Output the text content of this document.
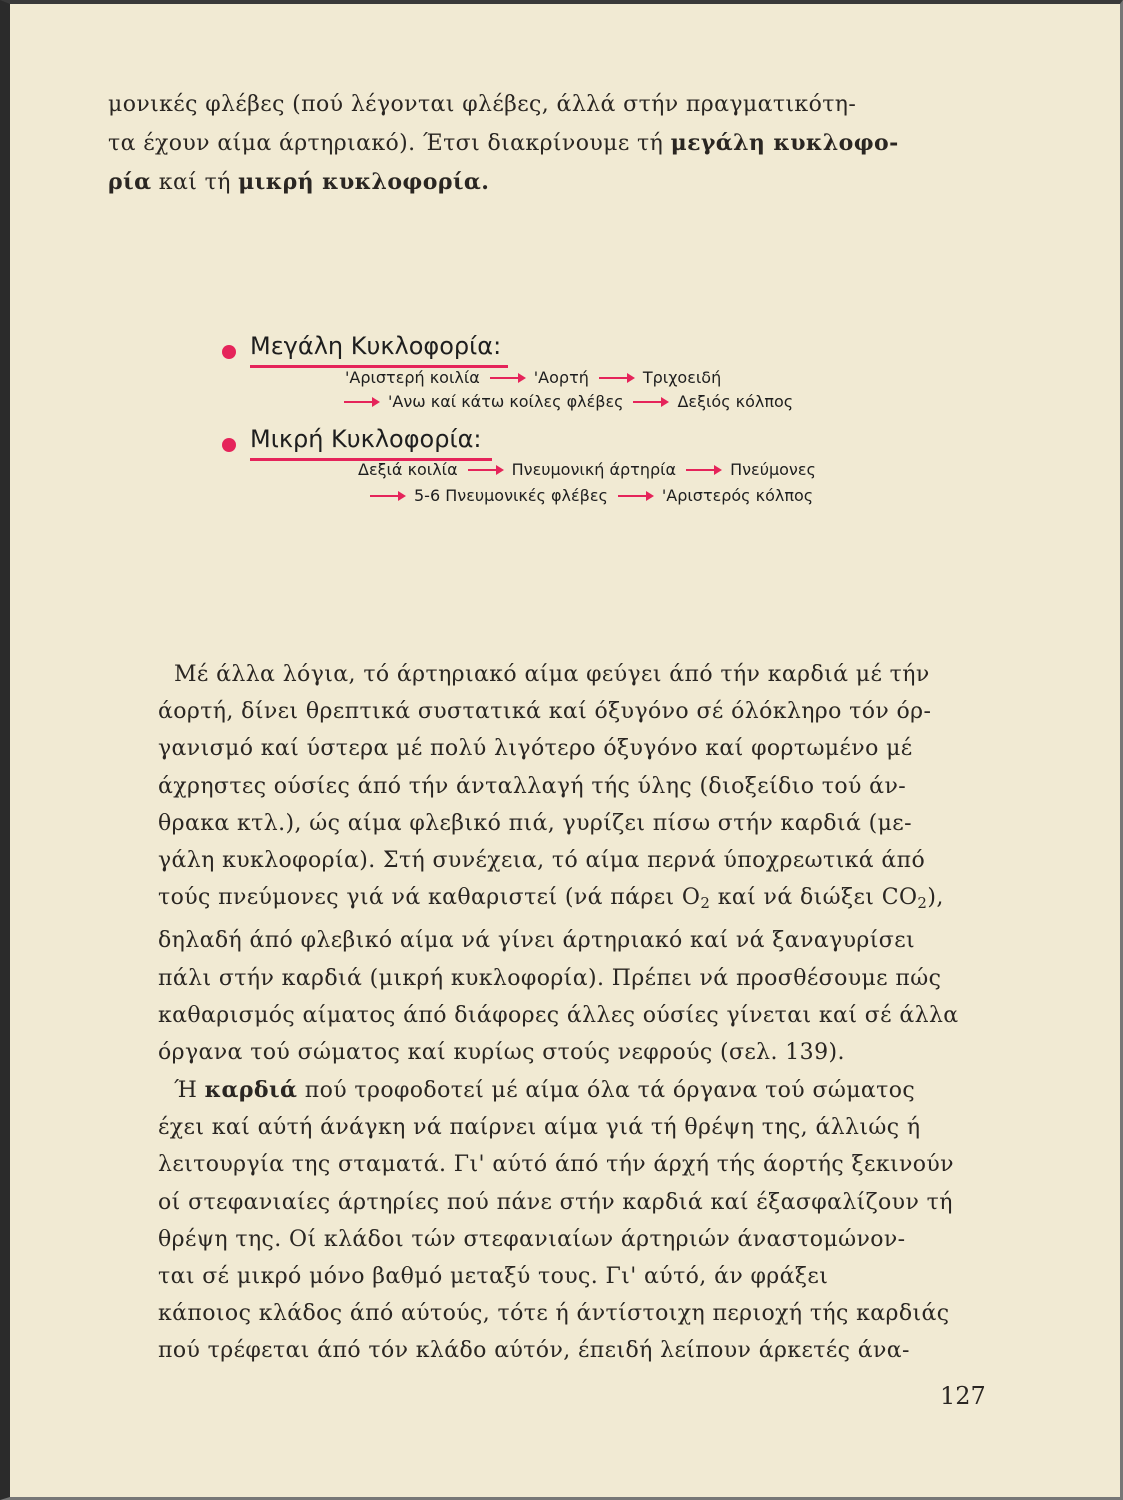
μονικές φλέβες (πού λέγονται φλέβες, άλλά στήν πραγματικότη-
τα έχουν αίμα άρτηριακό). Έτσι διακρίνουμε τή μεγάλη κυκλοφο-
ρία καί τή μικρή κυκλοφορία.

Μεγάλη Κυκλοφορία:
'Αριστερή κοιλία	'Αορτή	Τριχοειδή
'Ανω καί κάτω κοίλες φλέβες	Δεξιός κόλπος
Μικρή Κυκλοφορία:
Δεξιά κοιλία	Πνευμονική άρτηρία	Πνεύμονες
5-6 Πνευμονικές φλέβες	'Αριστερός κόλπος

Μέ άλλα λόγια, τό άρτηριακό αίμα φεύγει άπό τήν καρδιά μέ τήν
άορτή, δίνει θρεπτικά συστατικά καί όξυγόνο σέ όλόκληρο τόν όρ-
γανισμό καί ύστερα μέ πολύ λιγότερο όξυγόνο καί φορτωμένο μέ
άχρηστες ούσίες άπό τήν άνταλλαγή τής ύλης (διοξείδιο τού άν-
θρακα κτλ.), ώς αίμα φλεβικό πιά, γυρίζει πίσω στήν καρδιά (με-
γάλη κυκλοφορία). Στή συνέχεια, τό αίμα περνά ύποχρεωτικά άπό
τούς πνεύμονες γιά νά καθαριστεί (νά πάρει $O_2$ καί νά διώξει $CO_2$),
δηλαδή άπό φλεβικό αίμα νά γίνει άρτηριακό καί νά ξαναγυρίσει
πάλι στήν καρδιά (μικρή κυκλοφορία). Πρέπει νά προσθέσουμε πώς
καθαρισμός αίματος άπό διάφορες άλλες ούσίες γίνεται καί σέ άλλα
όργανα τού σώματος καί κυρίως στούς νεφρούς (σελ. 139).

Ή καρδιά πού τροφοδοτεί μέ αίμα όλα τά όργανα τού σώματος
έχει καί αύτή άνάγκη νά παίρνει αίμα γιά τή θρέψη της, άλλιώς ή
λειτουργία της σταματά. Γι' αύτό άπό τήν άρχή τής άορτής ξεκινούν
οί στεφανιαίες άρτηρίες πού πάνε στήν καρδιά καί έξασφαλίζουν τή
θρέψη της. Οί κλάδοι τών στεφανιαίων άρτηριών άναστομώνον-
ται σέ μικρό μόνο βαθμό μεταξύ τους. Γι' αύτό, άν φράξει
κάποιος κλάδος άπό αύτούς, τότε ή άντίστοιχη περιοχή τής καρδιάς
πού τρέφεται άπό τόν κλάδο αύτόν, έπειδή λείπουν άρκετές άνα-

127
